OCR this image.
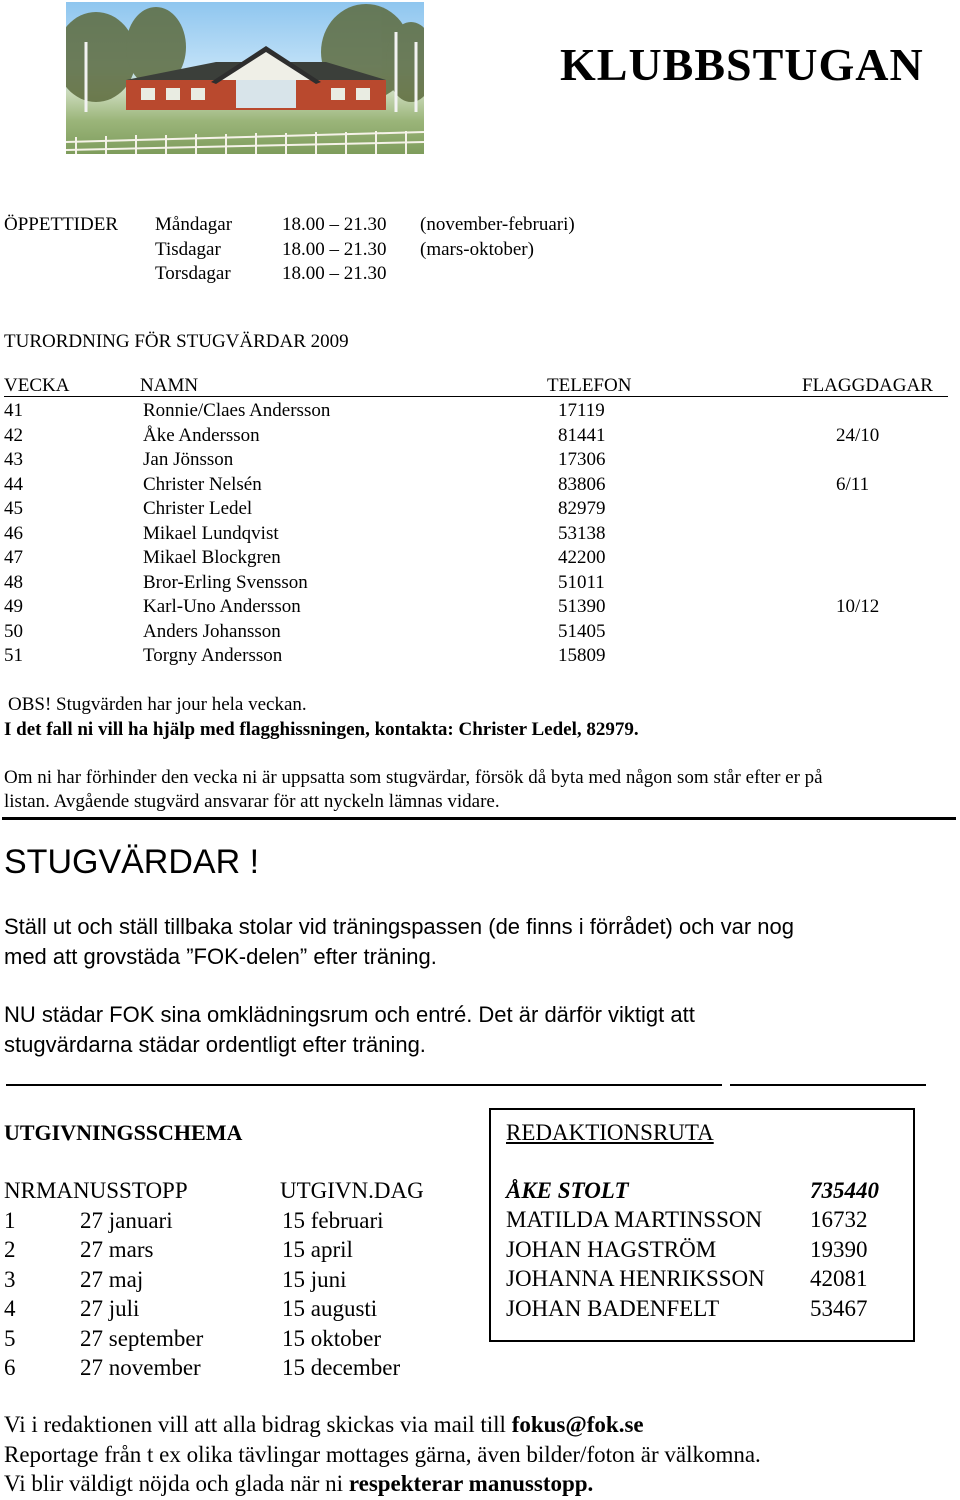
KLUBBSTUGAN
ÖPPETTIDER Måndagar	18.00 – 21.30 (november-februari)
Tisdagar	18.00 – 21.30 (mars-oktober)
Torsdagar	18.00 – 21.30
TURORDNING FÖR STUGVÄRDAR 2009
VECKA	NAMN	TELEFON	FLAGGDAGAR
41	Ronnie/Claes Andersson	17119
42	Åke Andersson	81441	24/10
43	Jan Jönsson	17306
44	Christer Nelsén	83806	6/11
45	Christer Ledel	82979
46	Mikael Lundqvist	53138
47	Mikael Blockgren	42200
48	Bror-Erling Svensson	51011
49	Karl-Uno Andersson	51390	10/12
50	Anders Johansson	51405
51	Torgny Andersson	15809
OBS! Stugvärden har jour hela veckan.
I det fall ni vill ha hjälp med flagghissningen, kontakta: Christer Ledel, 82979.
Om ni har förhinder den vecka ni är uppsatta som stugvärdar, försök då byta med någon som står efter er på
listan. Avgående stugvärd ansvarar för att nyckeln lämnas vidare.
STUGVÄRDAR !
Ställ ut och ställ tillbaka stolar vid träningspassen (de finns i förrådet) och var nog
med att grovstäda ”FOK-delen” efter träning.
NU städar FOK sina omklädningsrum och entré. Det är därför viktigt att
stugvärdarna städar ordentligt efter träning.
UTGIVNINGSSCHEMA
NRMANUSSTOPP	UTGIVN.DAG
1	27 januari	15 februari
2	27 mars	15 april
3	27 maj	15 juni
4	27 juli	15 augusti
5	27 september	15 oktober
6	27 november	15 december
REDAKTIONSRUTA
ÅKE STOLT	735440
MATILDA MARTINSSON 16732
JOHAN HAGSTRÖM	19390
JOHANNA HENRIKSSON 42081
JOHAN BADENFELT	53467
Vi i redaktionen vill att alla bidrag skickas via mail till fokus@fok.se
Reportage från t ex olika tävlingar mottages gärna, även bilder/foton är välkomna.
Vi blir väldigt nöjda och glada när ni respekterar manusstopp.
